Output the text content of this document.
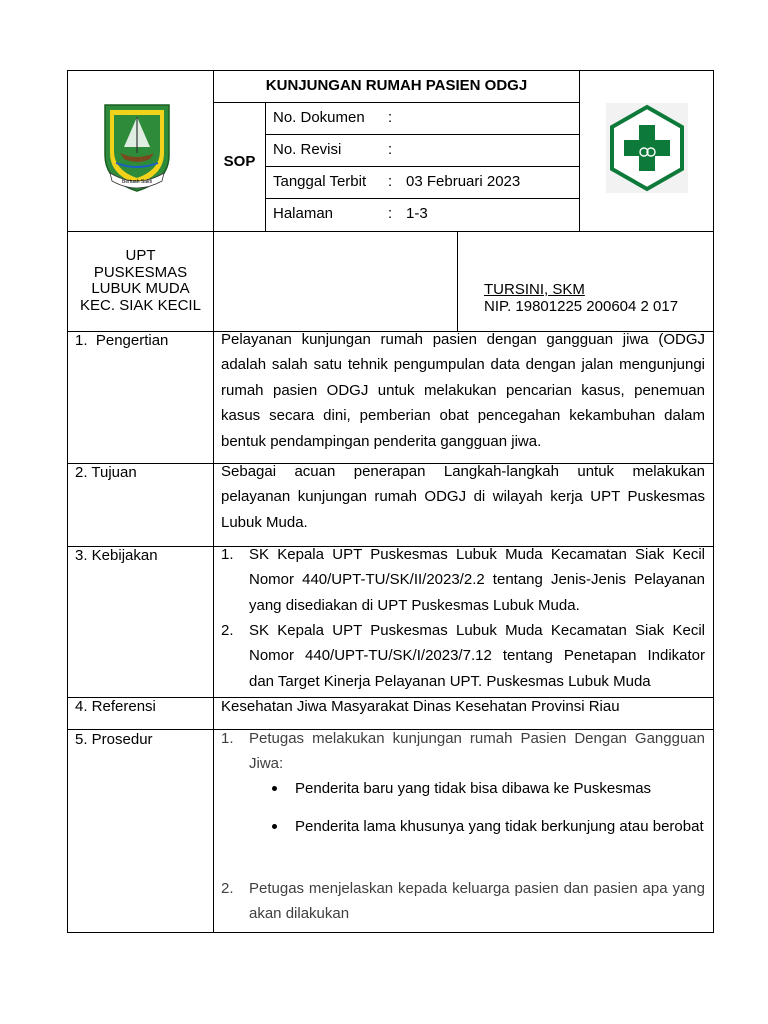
Bertuah Sakti
KUNJUNGAN RUMAH PASIEN ODGJ
SOP
No. Dokumen :
No. Revisi	:
Tanggal Terbit : 03 Februari 2023
Halaman	: 1-3
UPT
PUSKESMAS
LUBUK MUDA
KEC. SIAK KECIL
TURSINI, SKM
NIP. 19801225 200604 2 017
1.  Pengertian	Pelayanan kunjungan rumah pasien dengan gangguan jiwa (ODGJ adalah salah satu tehnik pengumpulan data dengan jalan mengunjungi rumah pasien ODGJ untuk melakukan pencarian kasus, penemuan kasus secara dini, pemberian obat pencegahan kekambuhan dalam bentuk pendampingan penderita gangguan jiwa.

2. Tujuan	Sebagai acuan penerapan Langkah-langkah untuk melakukan pelayanan kunjungan rumah ODGJ di wilayah kerja UPT Puskesmas Lubuk Muda.

3. Kebijakan	1. SK Kepala UPT Puskesmas Lubuk Muda Kecamatan Siak Kecil Nomor 440/UPT-TU/SK/II/2023/2.2 tentang Jenis-Jenis Pelayanan yang disediakan di UPT Puskesmas Lubuk Muda.

2. SK Kepala UPT Puskesmas Lubuk Muda Kecamatan Siak Kecil Nomor 440/UPT-TU/SK/I/2023/7.12 tentang Penetapan Indikator dan Target Kinerja Pelayanan UPT. Puskesmas Lubuk Muda

4. Referensi	Kesehatan Jiwa Masyarakat Dinas Kesehatan Provinsi Riau
5. Prosedur	1. Petugas melakukan kunjungan rumah Pasien Dengan Gangguan Jiwa:

Penderita baru yang tidak bisa dibawa ke Puskesmas

Penderita lama khusunya yang tidak berkunjung atau berobat

2. Petugas menjelaskan kepada keluarga pasien dan pasien apa yang akan dilakukan
